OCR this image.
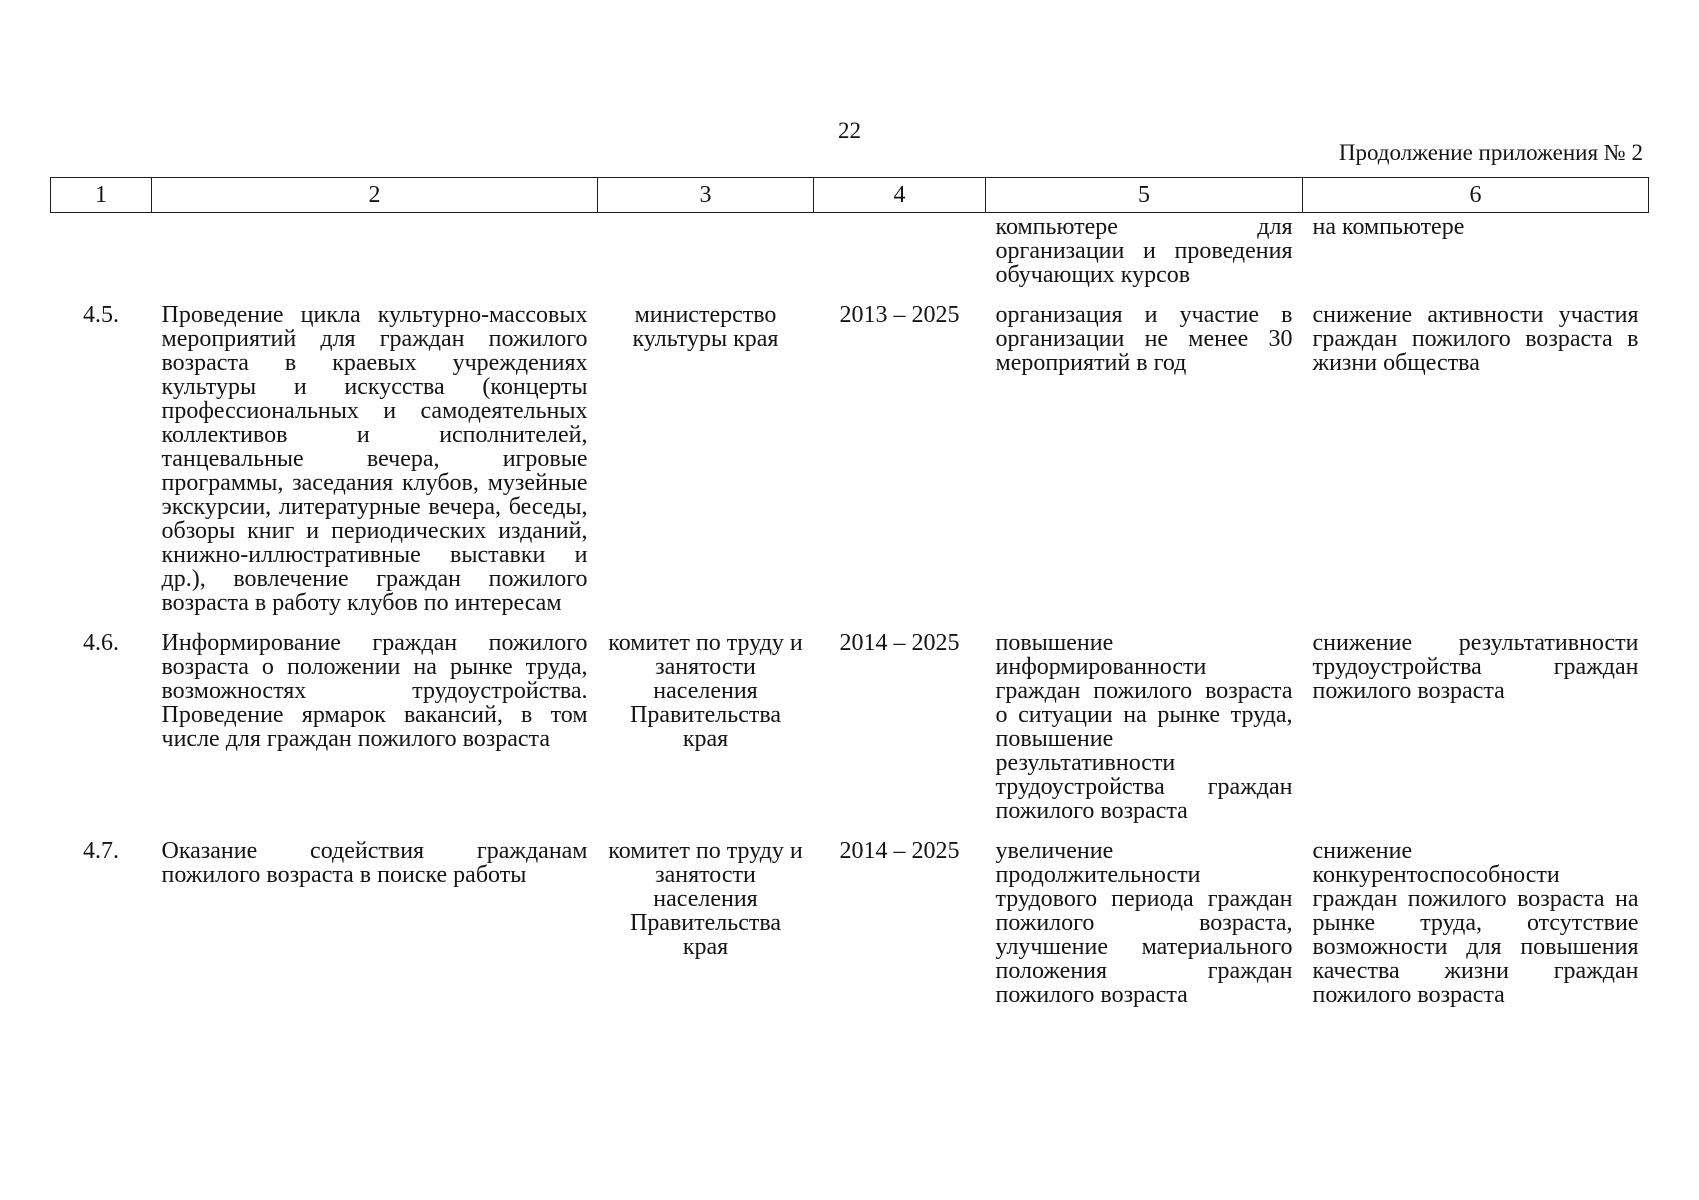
22
Продолжение приложения № 2
1	2	3	4	5	6

				компьютере для организации и проведения обучающих курсов	на компьютере

4.5.	Проведение цикла культурно-массовых мероприятий для граждан пожилого возраста в краевых учреждениях культуры и искусства (концерты профессиональных и самодеятельных коллективов и исполнителей, танцевальные вечера, игровые программы, заседания клубов, музейные экскурсии, литературные вечера, беседы, обзоры книг и периодических изданий, книжно-иллюстративные выставки и др.), вовлечение граждан пожилого возраста в работу клубов по интересам	министерство культуры края	2013 – 2025	организация и участие в организации не менее 30 мероприятий в год	снижение активности участия граждан пожилого возраста в жизни общества
4.6.	Информирование граждан пожилого возраста о положении на рынке труда, возможностях трудоустройства. Проведение ярмарок вакансий, в том числе для граждан пожилого возраста	комитет по труду и занятости населения Правительства края	2014 – 2025	повышение информированности граждан пожилого возраста о ситуации на рынке труда, повышение результативности трудоустройства граждан пожилого возраста	снижение результативности трудоустройства граждан пожилого возраста
4.7.	Оказание содействия гражданам пожилого возраста в поиске работы	комитет по труду и занятости населения Правительства края	2014 – 2025	увеличение продолжительности трудового периода граждан пожилого возраста, улучшение материального положения граждан пожилого возраста	снижение конкурентоспособности граждан пожилого возраста на рынке труда, отсутствие возможности для повышения качества жизни граждан пожилого возраста
